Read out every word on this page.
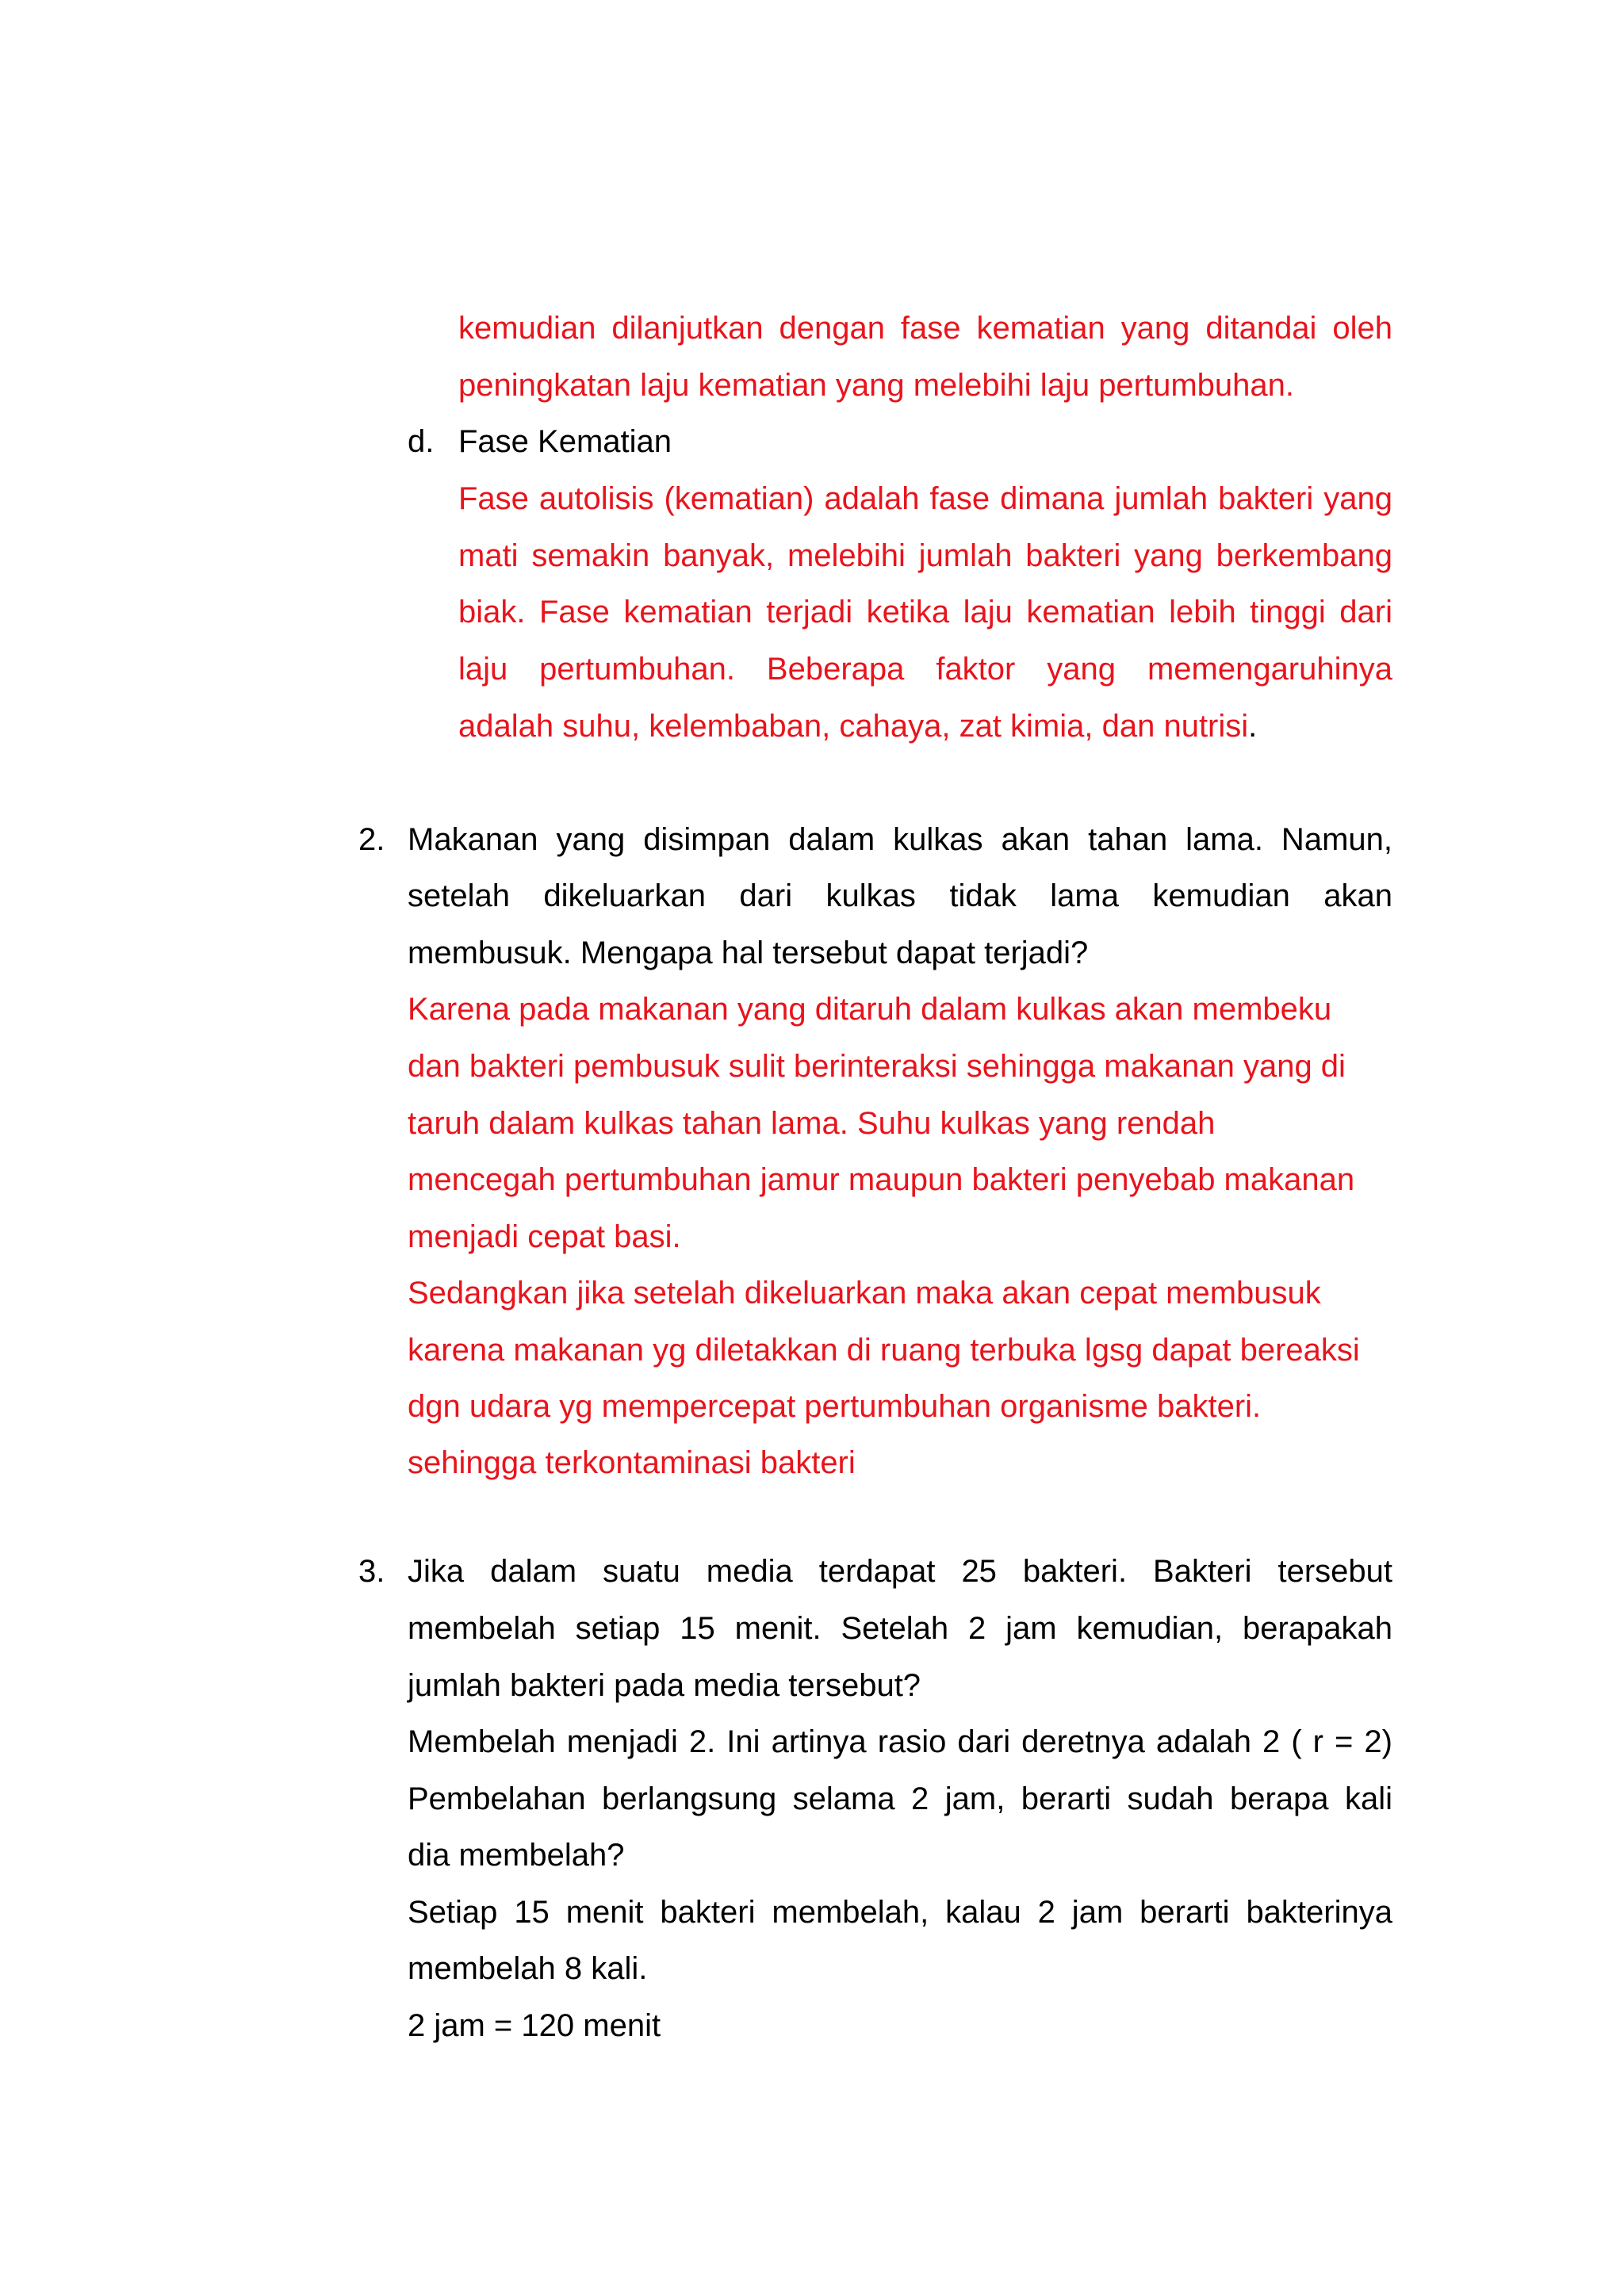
kemudian dilanjutkan dengan fase kematian yang ditandai oleh
peningkatan laju kematian yang melebihi laju pertumbuhan.
d. Fase Kematian
Fase autolisis (kematian) adalah fase dimana jumlah bakteri yang
mati semakin banyak, melebihi jumlah bakteri yang berkembang
biak. Fase kematian terjadi ketika laju kematian lebih tinggi dari
laju pertumbuhan. Beberapa faktor yang memengaruhinya
adalah suhu, kelembaban, cahaya, zat kimia, dan nutrisi.
2. Makanan yang disimpan dalam kulkas akan tahan lama. Namun,
setelah dikeluarkan dari kulkas tidak lama kemudian akan
membusuk. Mengapa hal tersebut dapat terjadi?
Karena pada makanan yang ditaruh dalam kulkas akan membeku
dan bakteri pembusuk sulit berinteraksi sehingga makanan yang di
taruh dalam kulkas tahan lama. Suhu kulkas yang rendah
mencegah pertumbuhan jamur maupun bakteri penyebab makanan
menjadi cepat basi.
Sedangkan jika setelah dikeluarkan maka akan cepat membusuk
karena makanan yg diletakkan di ruang terbuka lgsg dapat bereaksi
dgn udara yg mempercepat pertumbuhan organisme bakteri.
sehingga terkontaminasi bakteri
3. Jika dalam suatu media terdapat 25 bakteri. Bakteri tersebut
membelah setiap 15 menit. Setelah 2 jam kemudian, berapakah
jumlah bakteri pada media tersebut?
Membelah menjadi 2. Ini artinya rasio dari deretnya adalah 2 ( r = 2)
Pembelahan berlangsung selama 2 jam, berarti sudah berapa kali
dia membelah?
Setiap 15 menit bakteri membelah, kalau 2 jam berarti bakterinya
membelah 8 kali.
2 jam = 120 menit
